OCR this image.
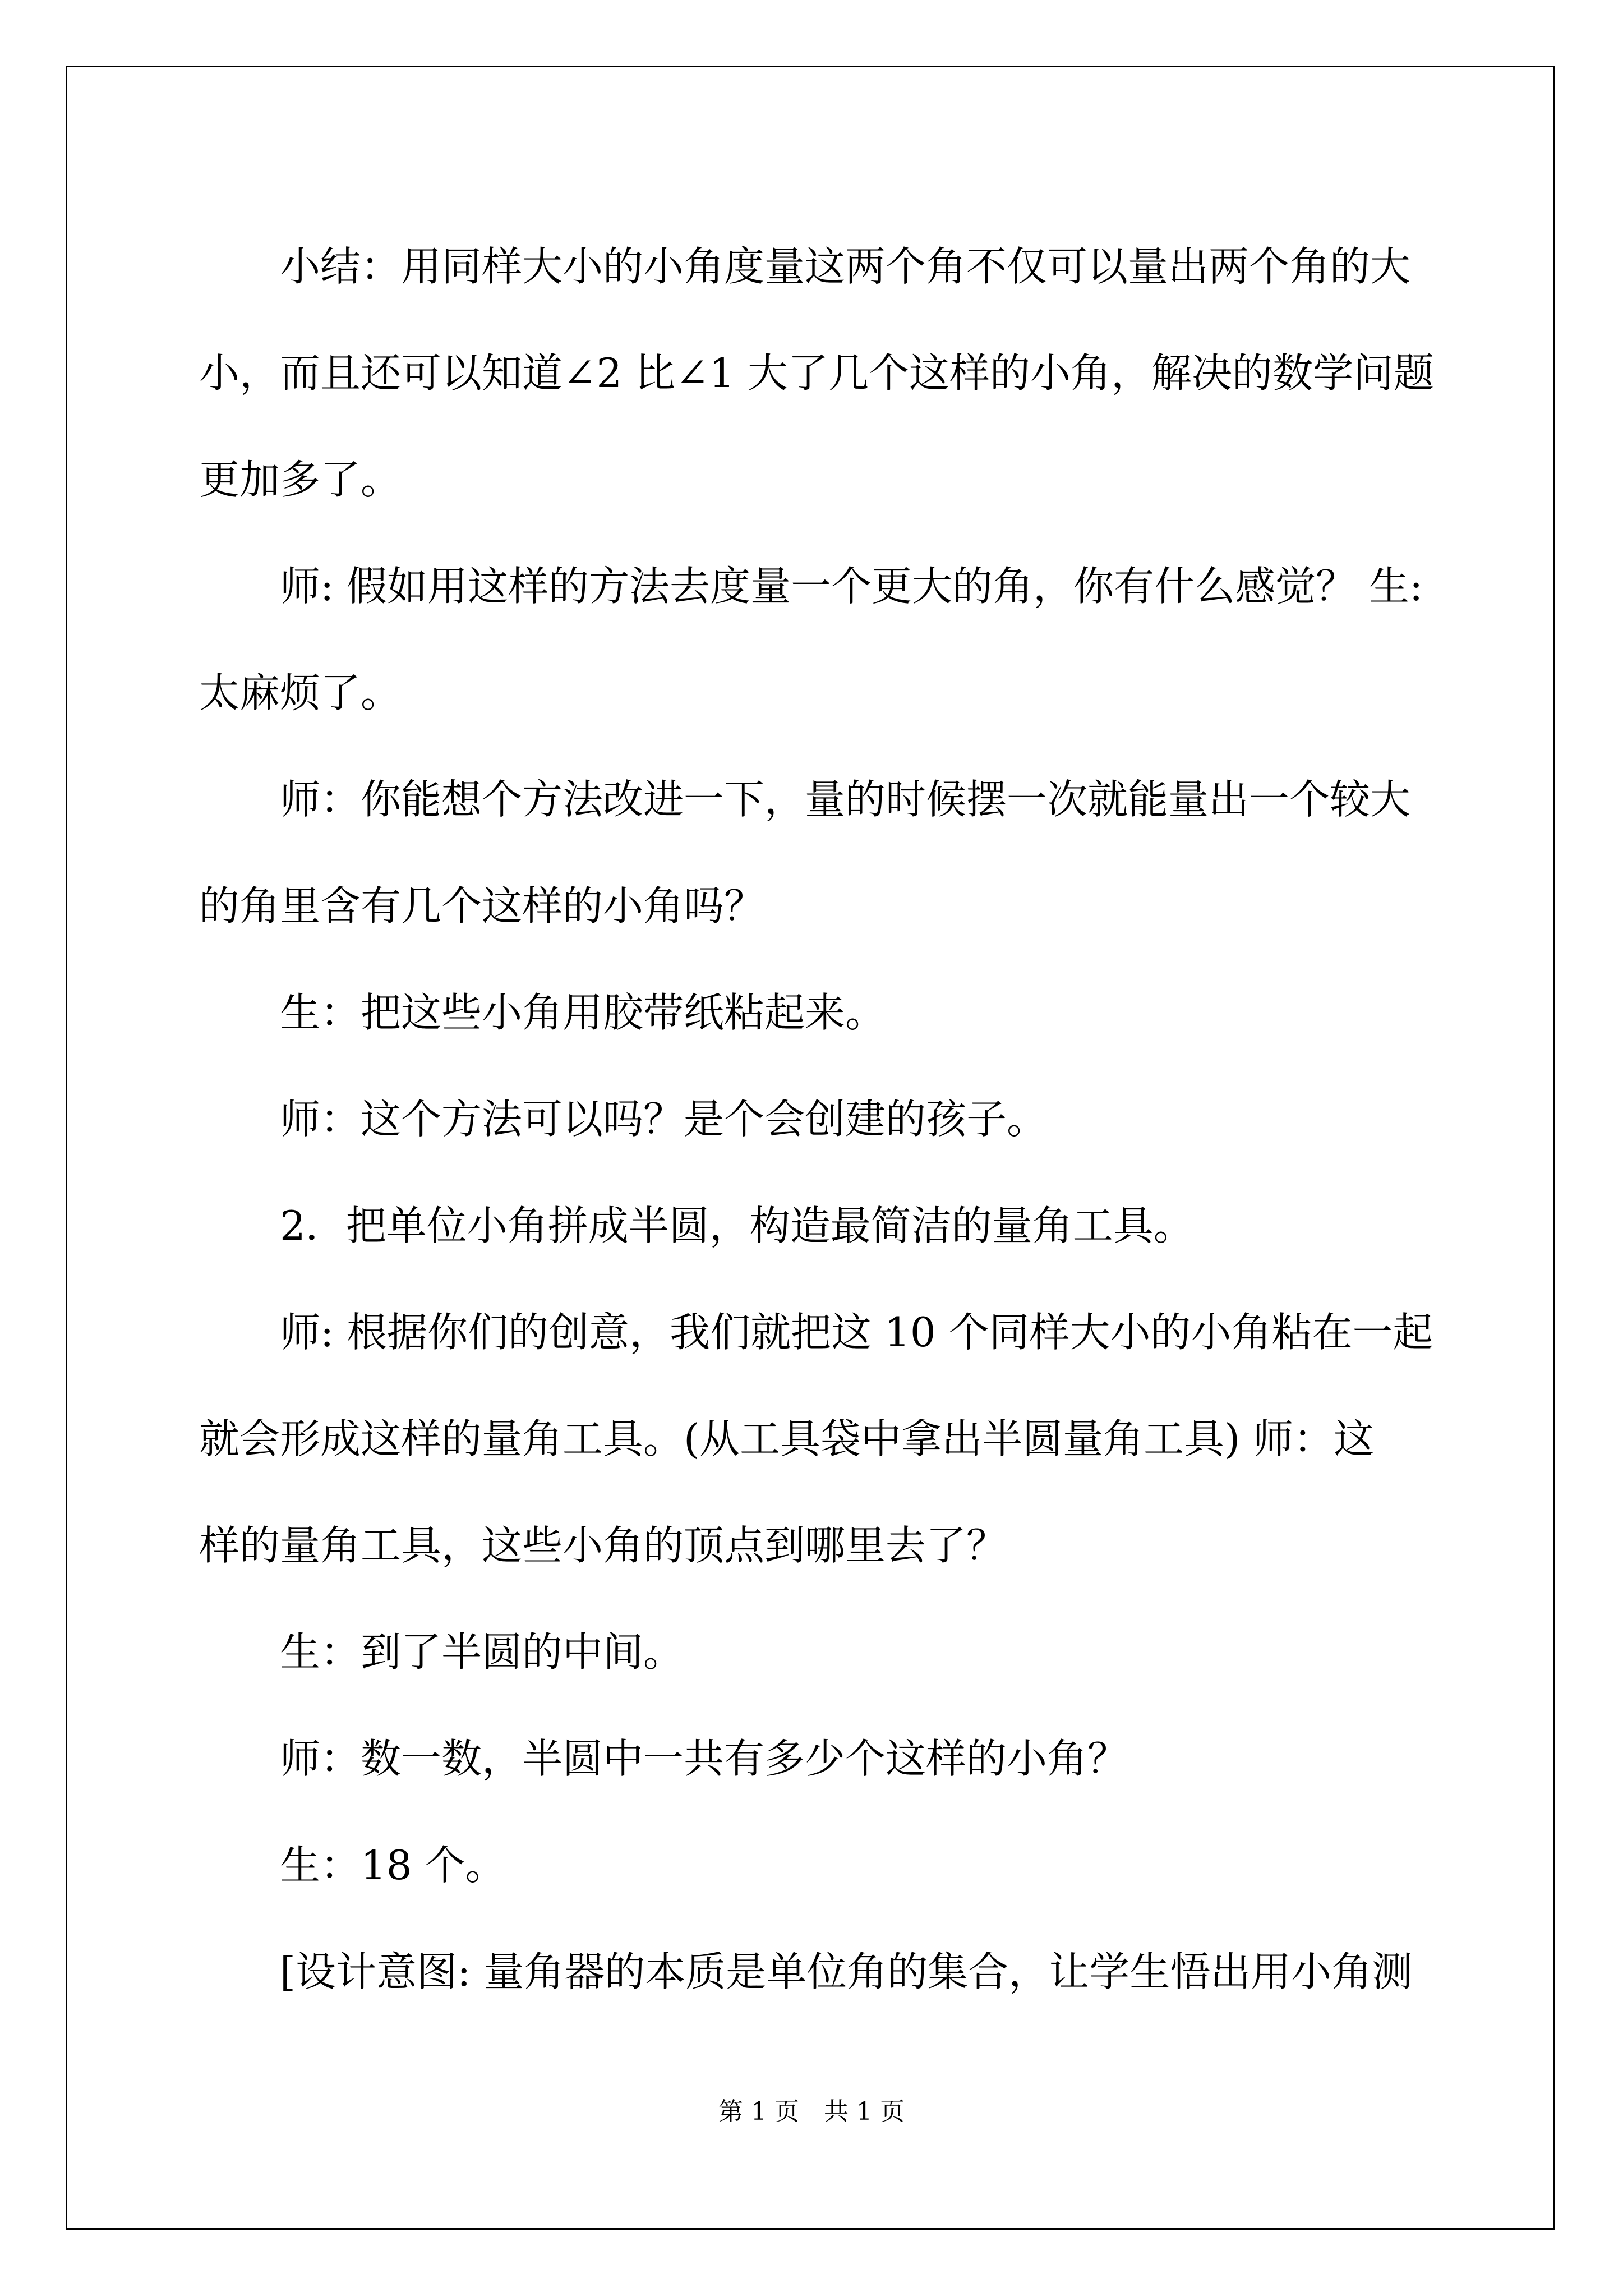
小结：用同样大小的小角度量这两个角不仅可以量出两个角的大
小，而且还可以知道∠2 比∠1 大了几个这样的小角，解决的数学问题
更加多了。

师: 假如用这样的方法去度量一个更大的角，你有什么感觉？ 生:
太麻烦了。

师：你能想个方法改进一下，量的时候摆一次就能量出一个较大
的角里含有几个这样的小角吗？

生：把这些小角用胶带纸粘起来。

师：这个方法可以吗？是个会创建的孩子。

2．把单位小角拼成半圆，构造最简洁的量角工具。

师: 根据你们的创意，我们就把这 10 个同样大小的小角粘在一起
就会形成这样的量角工具。(从工具袋中拿出半圆量角工具) 师：这
样的量角工具，这些小角的顶点到哪里去了？

生：到了半圆的中间。

师：数一数，半圆中一共有多少个这样的小角？

生：18 个。

[设计意图: 量角器的本质是单位角的集合，让学生悟出用小角测

第 1 页　共 1 页
